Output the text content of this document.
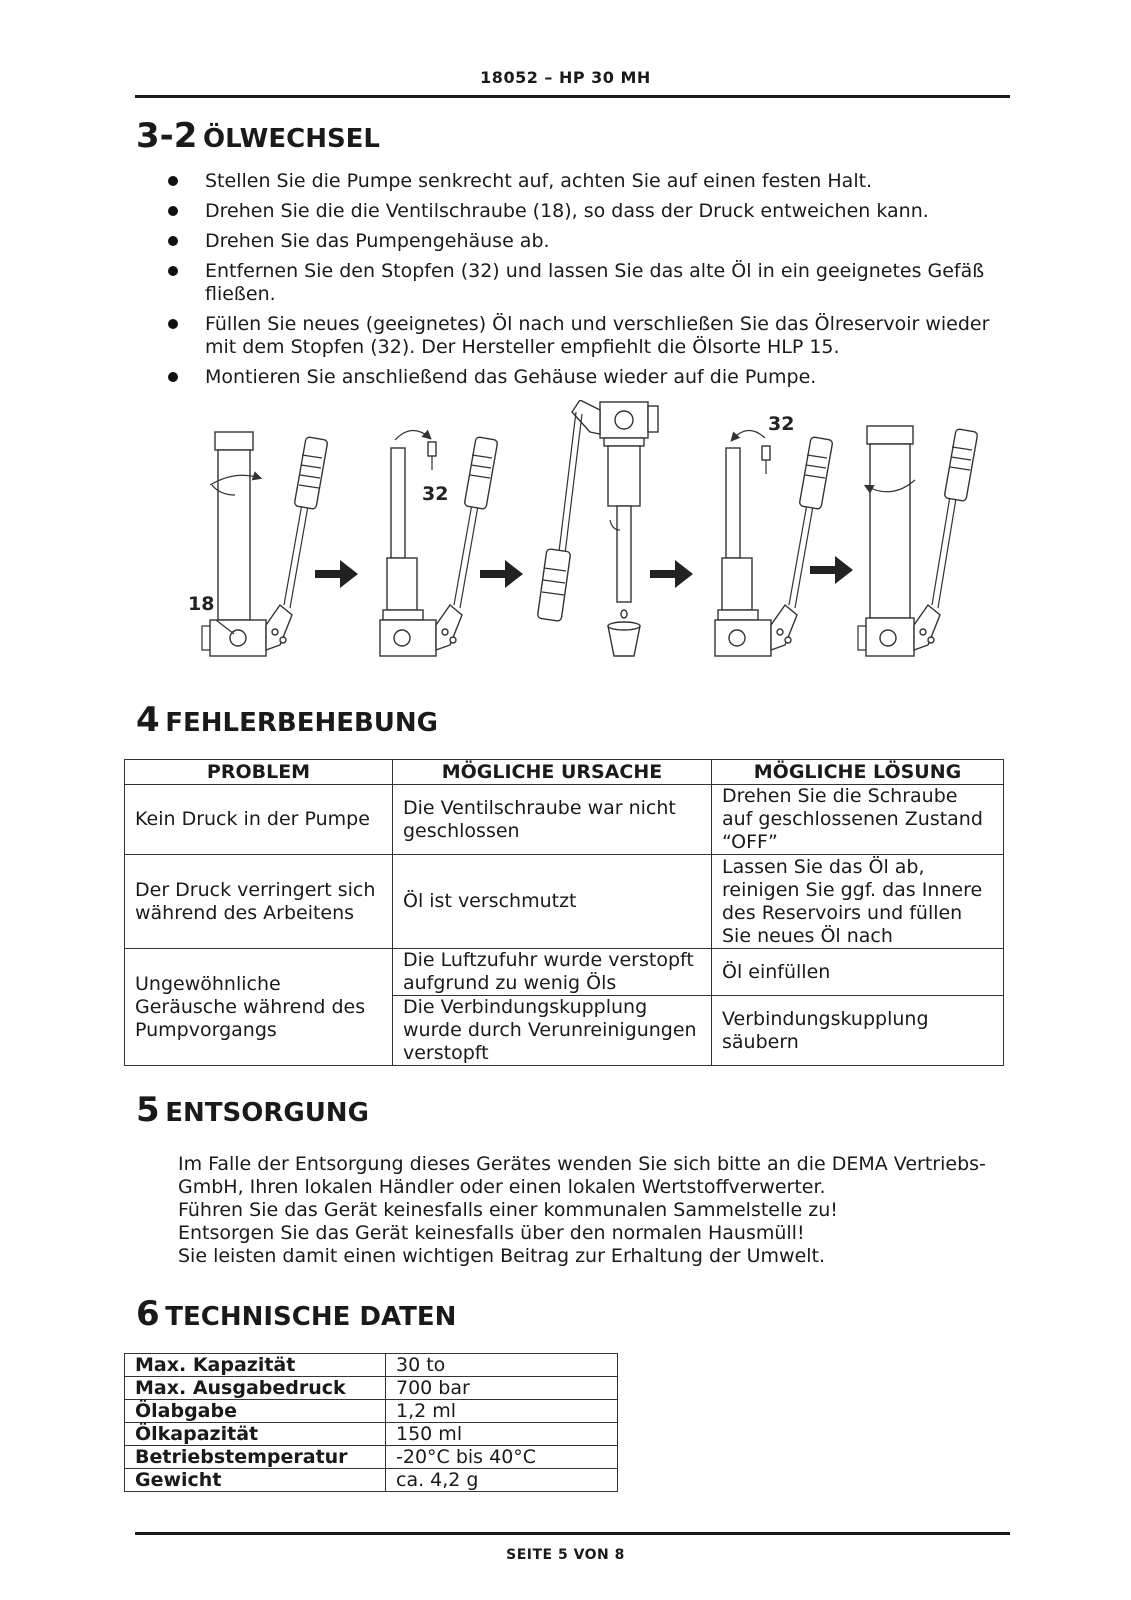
18052 – HP 30 MH
3-2 ÖLWECHSEL
Stellen Sie die Pumpe senkrecht auf, achten Sie auf einen festen Halt.
Drehen Sie die die Ventilschraube (18), so dass der Druck entweichen kann.
Drehen Sie das Pumpengehäuse ab.
Entfernen Sie den Stopfen (32) und lassen Sie das alte Öl in ein geeignetes Gefäß fließen.
Füllen Sie neues (geeignetes) Öl nach und verschließen Sie das Ölreservoir wieder mit dem Stopfen (32). Der Hersteller empfiehlt die Ölsorte HLP 15.
Montieren Sie anschließend das Gehäuse wieder auf die Pumpe.
18
32
32
4 FEHLERBEHEBUNG
PROBLEM	MÖGLICHE URSACHE	MÖGLICHE LÖSUNG
Kein Druck in der Pumpe	Die Ventilschraube war nicht geschlossen	Drehen Sie die Schraube auf geschlossenen Zustand “OFF”
Der Druck verringert sich während des Arbeitens	Öl ist verschmutzt	Lassen Sie das Öl ab, reinigen Sie ggf. das Innere des Reservoirs und füllen Sie neues Öl nach
Ungewöhnliche Geräusche während des Pumpvorgangs	Die Luftzufuhr wurde verstopft aufgrund zu wenig Öls	Öl einfüllen
	Die Verbindungskupplung wurde durch Verunreinigungen verstopft	Verbindungskupplung säubern
5 ENTSORGUNG
Im Falle der Entsorgung dieses Gerätes wenden Sie sich bitte an die DEMA Vertriebs-GmbH, Ihren lokalen Händler oder einen lokalen Wertstoffverwerter.
Führen Sie das Gerät keinesfalls einer kommunalen Sammelstelle zu!
Entsorgen Sie das Gerät keinesfalls über den normalen Hausmüll!
Sie leisten damit einen wichtigen Beitrag zur Erhaltung der Umwelt.
6 TECHNISCHE DATEN
Max. Kapazität	30 to
Max. Ausgabedruck	700 bar
Ölabgabe	1,2 ml
Ölkapazität	150 ml
Betriebstemperatur	-20°C bis 40°C
Gewicht	ca. 4,2 g
SEITE 5 VON 8
